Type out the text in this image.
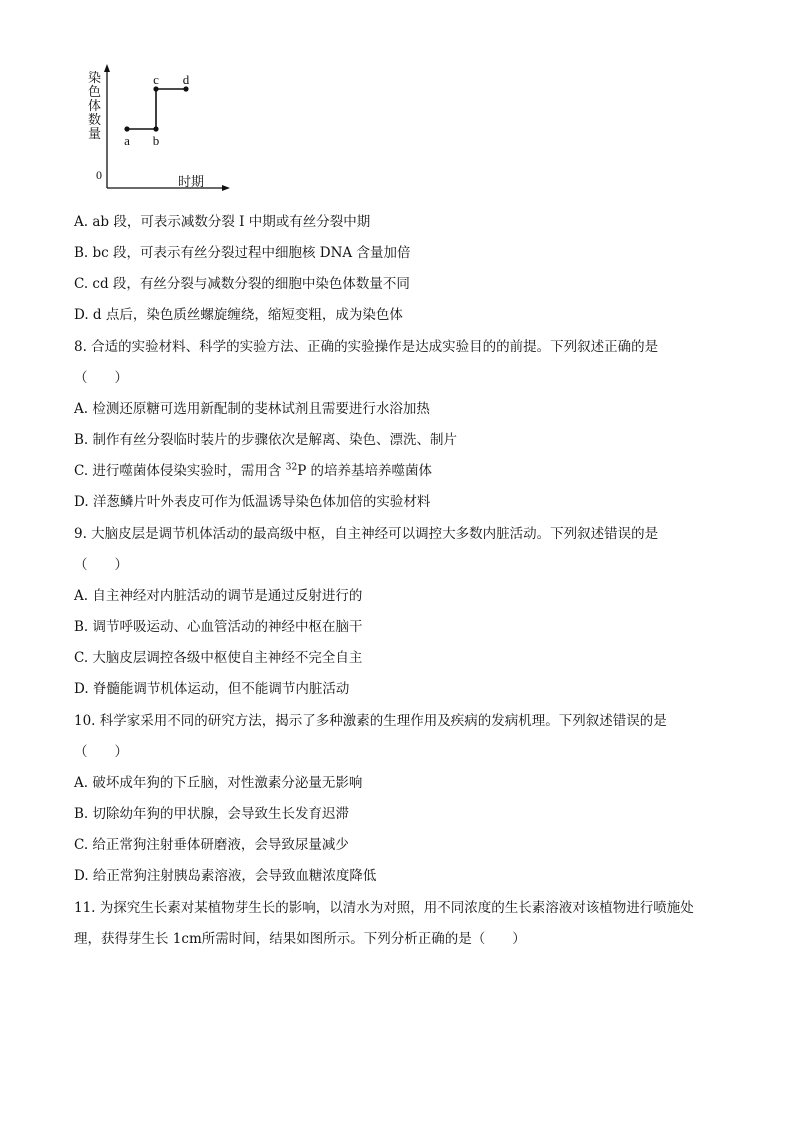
a b
c d
染色体数量
0	时期
A. ab 段，可表示减数分裂 I 中期或有丝分裂中期
B. bc 段，可表示有丝分裂过程中细胞核 DNA 含量加倍
C. cd 段，有丝分裂与减数分裂的细胞中染色体数量不同
D. d 点后，染色质丝螺旋缠绕，缩短变粗，成为染色体
8. 合适的实验材料、科学的实验方法、正确的实验操作是达成实验目的的前提。下列叙述正确的是
（　　）
A. 检测还原糖可选用新配制的斐林试剂且需要进行水浴加热
B. 制作有丝分裂临时装片的步骤依次是解离、染色、漂洗、制片
C. 进行噬菌体侵染实验时，需用含 $^{32}$P 的培养基培养噬菌体
D. 洋葱鳞片叶外表皮可作为低温诱导染色体加倍的实验材料
9. 大脑皮层是调节机体活动的最高级中枢，自主神经可以调控大多数内脏活动。下列叙述错误的是
（　　）
A. 自主神经对内脏活动的调节是通过反射进行的
B. 调节呼吸运动、心血管活动的神经中枢在脑干
C. 大脑皮层调控各级中枢使自主神经不完全自主
D. 脊髓能调节机体运动，但不能调节内脏活动
10. 科学家采用不同的研究方法，揭示了多种激素的生理作用及疾病的发病机理。下列叙述错误的是
（　　）
A. 破坏成年狗的下丘脑，对性激素分泌量无影响
B. 切除幼年狗的甲状腺，会导致生长发育迟滞
C. 给正常狗注射垂体研磨液，会导致尿量减少
D. 给正常狗注射胰岛素溶液，会导致血糖浓度降低
11. 为探究生长素对某植物芽生长的影响，以清水为对照，用不同浓度的生长素溶液对该植物进行喷施处
理，获得芽生长 1cm所需时间，结果如图所示。下列分析正确的是（　　）
